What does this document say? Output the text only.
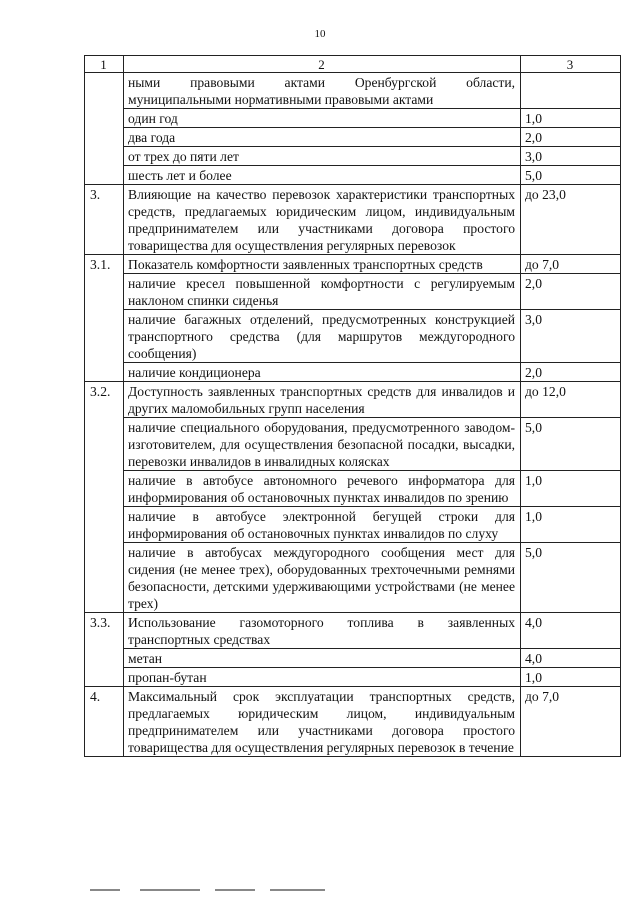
10
1	2	3
	ными правовыми актами Оренбургской области, муниципальными нормативными правовыми актами	
	один год	1,0
	два года	2,0
	от трех до пяти лет	3,0
	шесть лет и более	5,0
3.	Влияющие на качество перевозок характеристики транспортных средств, предлагаемых юридическим лицом, индивидуальным предпринимателем или участниками договора простого товарищества для осуществления регулярных перевозок	до 23,0
3.1.	Показатель комфортности заявленных транспортных средств	до 7,0
	наличие кресел повышенной комфортности с регулируемым наклоном спинки сиденья	2,0
	наличие багажных отделений, предусмотренных конструкцией транспортного средства (для маршрутов междугородного сообщения)	3,0
	наличие кондиционера	2,0
3.2.	Доступность заявленных транспортных средств для инвалидов и других маломобильных групп населения	до 12,0
	наличие специального оборудования, предусмотренного заводом-изготовителем, для осуществления безопасной посадки, высадки, перевозки инвалидов в инвалидных колясках	5,0
	наличие в автобусе автономного речевого информатора для информирования об остановочных пунктах инвалидов по зрению	1,0
	наличие в автобусе электронной бегущей строки для информирования об остановочных пунктах инвалидов по слуху	1,0
	наличие в автобусах междугородного сообщения мест для сидения (не менее трех), оборудованных трехточечными ремнями безопасности, детскими удерживающими устройствами (не менее трех)	5,0
3.3.	Использование газомоторного топлива в заявленных транспортных средствах	4,0
	метан	4,0
	пропан-бутан	1,0
4.	Максимальный срок эксплуатации транспортных средств, предлагаемых юридическим лицом, индивидуальным предпринимателем или участниками договора простого товарищества для осуществления регулярных перевозок в течение	до 7,0
